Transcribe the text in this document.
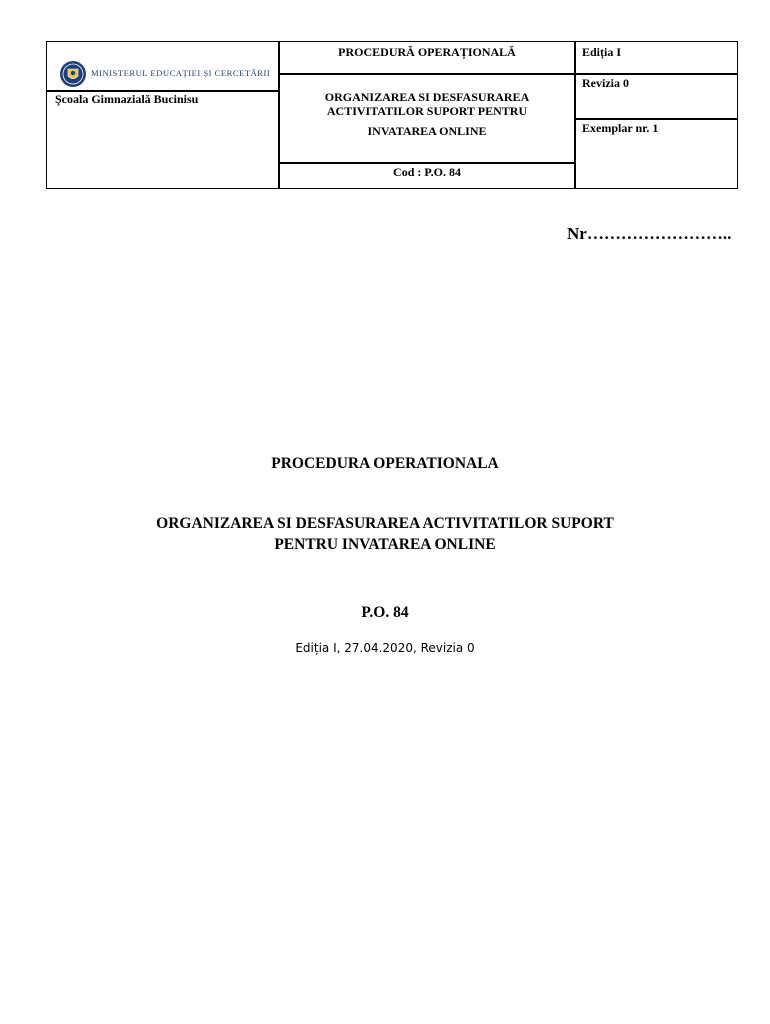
MINISTERUL EDUCAȚIEI ȘI CERCETĂRII
Şcoala Gimnazială Bucinisu
PROCEDURĂ OPERAȚIONALĂ
ORGANIZAREA SI DESFASURAREA
ACTIVITATILOR SUPORT PENTRU
INVATAREA ONLINE
Cod : P.O. 84
Ediția I
Revizia 0
Exemplar nr. 1
Nr……………………..
PROCEDURA OPERATIONALA
ORGANIZAREA SI DESFASURAREA ACTIVITATILOR SUPORT
PENTRU INVATAREA ONLINE
P.O. 84
Ediția I, 27.04.2020, Revizia 0
